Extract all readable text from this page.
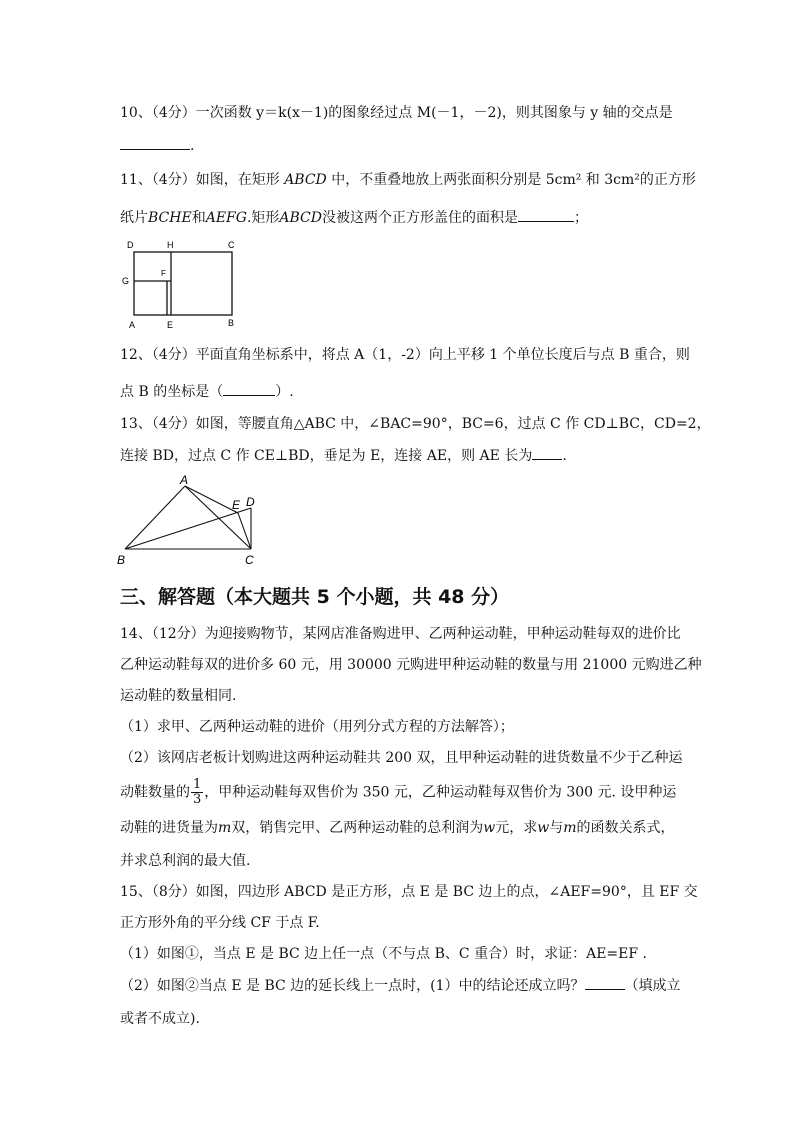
10、（4分）一次函数 y＝k(x－1)的图象经过点 M(－1，－2)，则其图象与 y 轴的交点是
.
11、（4分）如图，在矩形 ABCD 中，不重叠地放上两张面积分别是 5cm² 和 3cm²的正方形
纸片BCHE和AEFG.矩形ABCD没被这两个正方形盖住的面积是	；
D	H	C
G
F
A	E	B
12、（4分）平面直角坐标系中，将点 A（1，-2）向上平移 1 个单位长度后与点 B 重合，则
点 B 的坐标是（	）.
13、（4分）如图，等腰直角△ABC 中，∠BAC=90°，BC=6，过点 C 作 CD⊥BC，CD=2，
连接 BD，过点 C 作 CE⊥BD，垂足为 E，连接 AE，则 AE 长为 .
A
E D
B	C
三、解答题（本大题共 5 个小题，共 48 分）
14、（12分）为迎接购物节，某网店准备购进甲、乙两种运动鞋，甲种运动鞋每双的进价比
乙种运动鞋每双的进价多 60 元，用 30000 元购进甲种运动鞋的数量与用 21000 元购进乙种
运动鞋的数量相同.
（1）求甲、乙两种运动鞋的进价（用列分式方程的方法解答）；
（2）该网店老板计划购进这两种运动鞋共 200 双，且甲种运动鞋的进货数量不少于乙种运
动鞋数量的 $\frac{1}{3}$ ，甲种运动鞋每双售价为 350 元，乙种运动鞋每双售价为 300 元. 设甲种运
动鞋的进货量为m双，销售完甲、乙两种运动鞋的总利润为w元，求w与m的函数关系式，
并求总利润的最大值.
15、（8分）如图，四边形 ABCD 是正方形，点 E 是 BC 边上的点，∠AEF=90°，且 EF 交
正方形外角的平分线 CF 于点 F.
（1）如图①，当点 E 是 BC 边上任一点（不与点 B、C 重合）时，求证：AE=EF .
（2）如图②当点 E 是 BC 边的延长线上一点时，(1）中的结论还成立吗？	（填成立
或者不成立).
